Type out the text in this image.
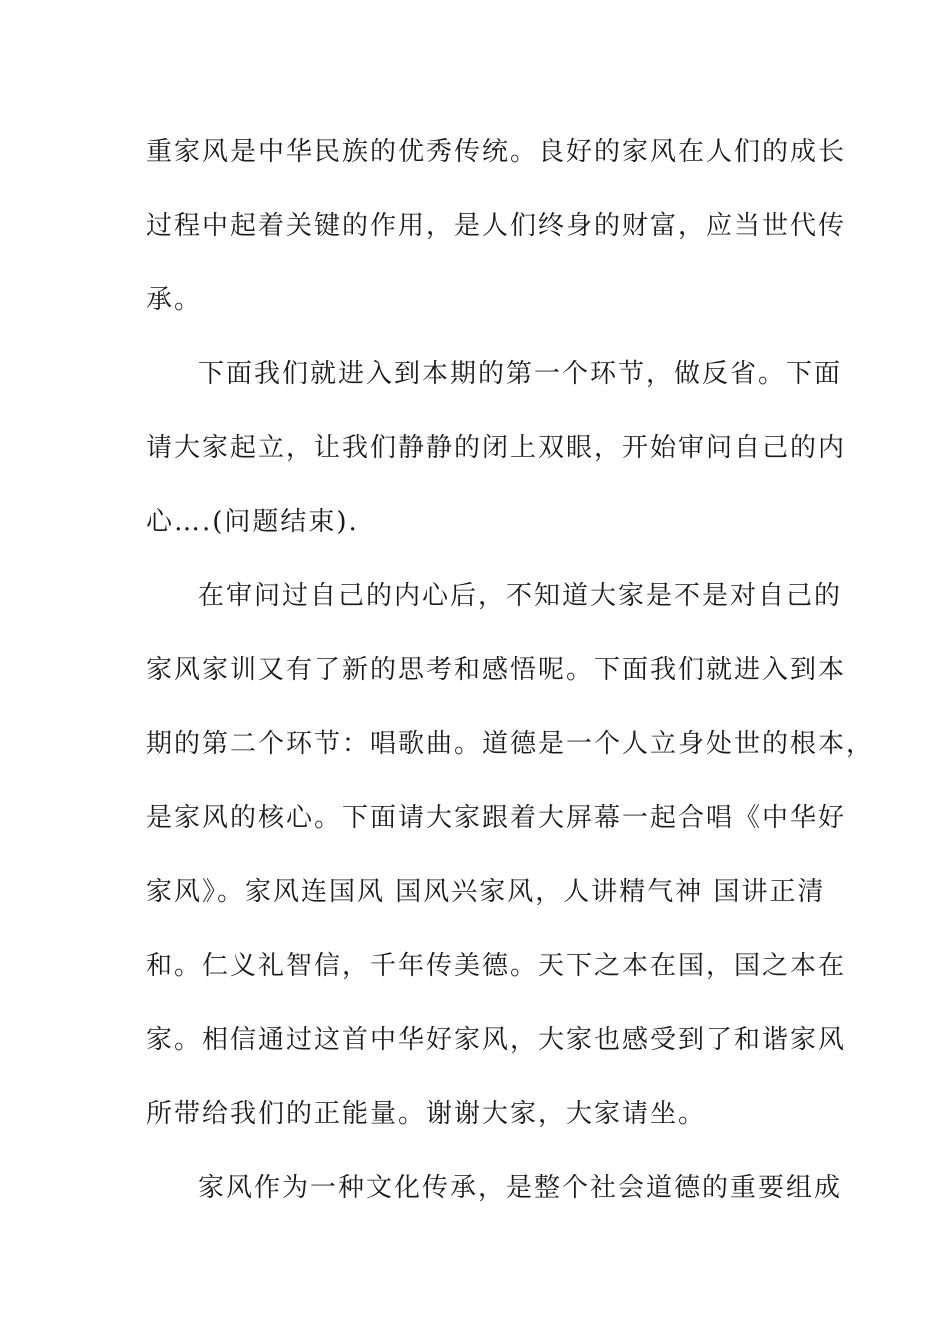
重家风是中华民族的优秀传统。良好的家风在人们的成长
过程中起着关键的作用，是人们终身的财富，应当世代传
承。
下面我们就进入到本期的第一个环节，做反省。下面
请大家起立，让我们静静的闭上双眼，开始审问自己的内
心….(问题结束).
在审问过自己的内心后，不知道大家是不是对自己的
家风家训又有了新的思考和感悟呢。下面我们就进入到本
期的第二个环节：唱歌曲。道德是一个人立身处世的根本，
是家风的核心。下面请大家跟着大屏幕一起合唱《中华好
家风》。家风连国风 国风兴家风，人讲精气神 国讲正清
和。仁义礼智信，千年传美德。天下之本在国，国之本在
家。相信通过这首中华好家风，大家也感受到了和谐家风
所带给我们的正能量。谢谢大家，大家请坐。
家风作为一种文化传承，是整个社会道德的重要组成
